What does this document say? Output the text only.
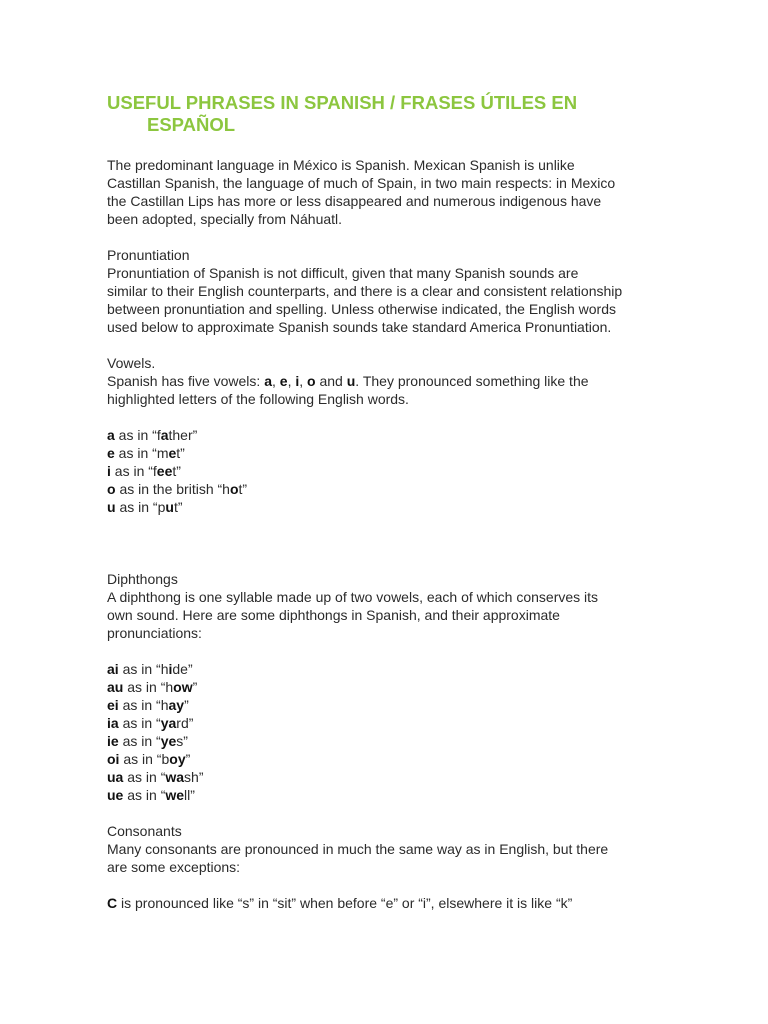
USEFUL PHRASES IN SPANISH / FRASES ÚTILES EN
ESPAÑOL

The predominant language in México is Spanish. Mexican Spanish is unlike
Castillan Spanish, the language of much of Spain, in two main respects: in Mexico
the Castillan Lips has more or less disappeared and numerous indigenous have
been adopted, specially from Náhuatl.

Pronuntiation

Pronuntiation of Spanish is not difficult, given that many Spanish sounds are
similar to their English counterparts, and there is a clear and consistent relationship
between pronuntiation and spelling. Unless otherwise indicated, the English words
used below to approximate Spanish sounds take standard America Pronuntiation.

Vowels.

Spanish has five vowels: a, e, i, o and u. They pronounced something like the
highlighted letters of the following English words.

a as in “father”
e as in “met”
i as in “feet”
o as in the british “hot”
u as in “put”

Diphthongs

A diphthong is one syllable made up of two vowels, each of which conserves its
own sound. Here are some diphthongs in Spanish, and their approximate
pronunciations:

ai as in “hide”
au as in “how”
ei as in “hay”
ia as in “yard”
ie as in “yes”
oi as in “boy”
ua as in “wash”
ue as in “well”

Consonants

Many consonants are pronounced in much the same way as in English, but there
are some exceptions:

C is pronounced like “s” in “sit” when before “e” or “i”, elsewhere it is like “k”
